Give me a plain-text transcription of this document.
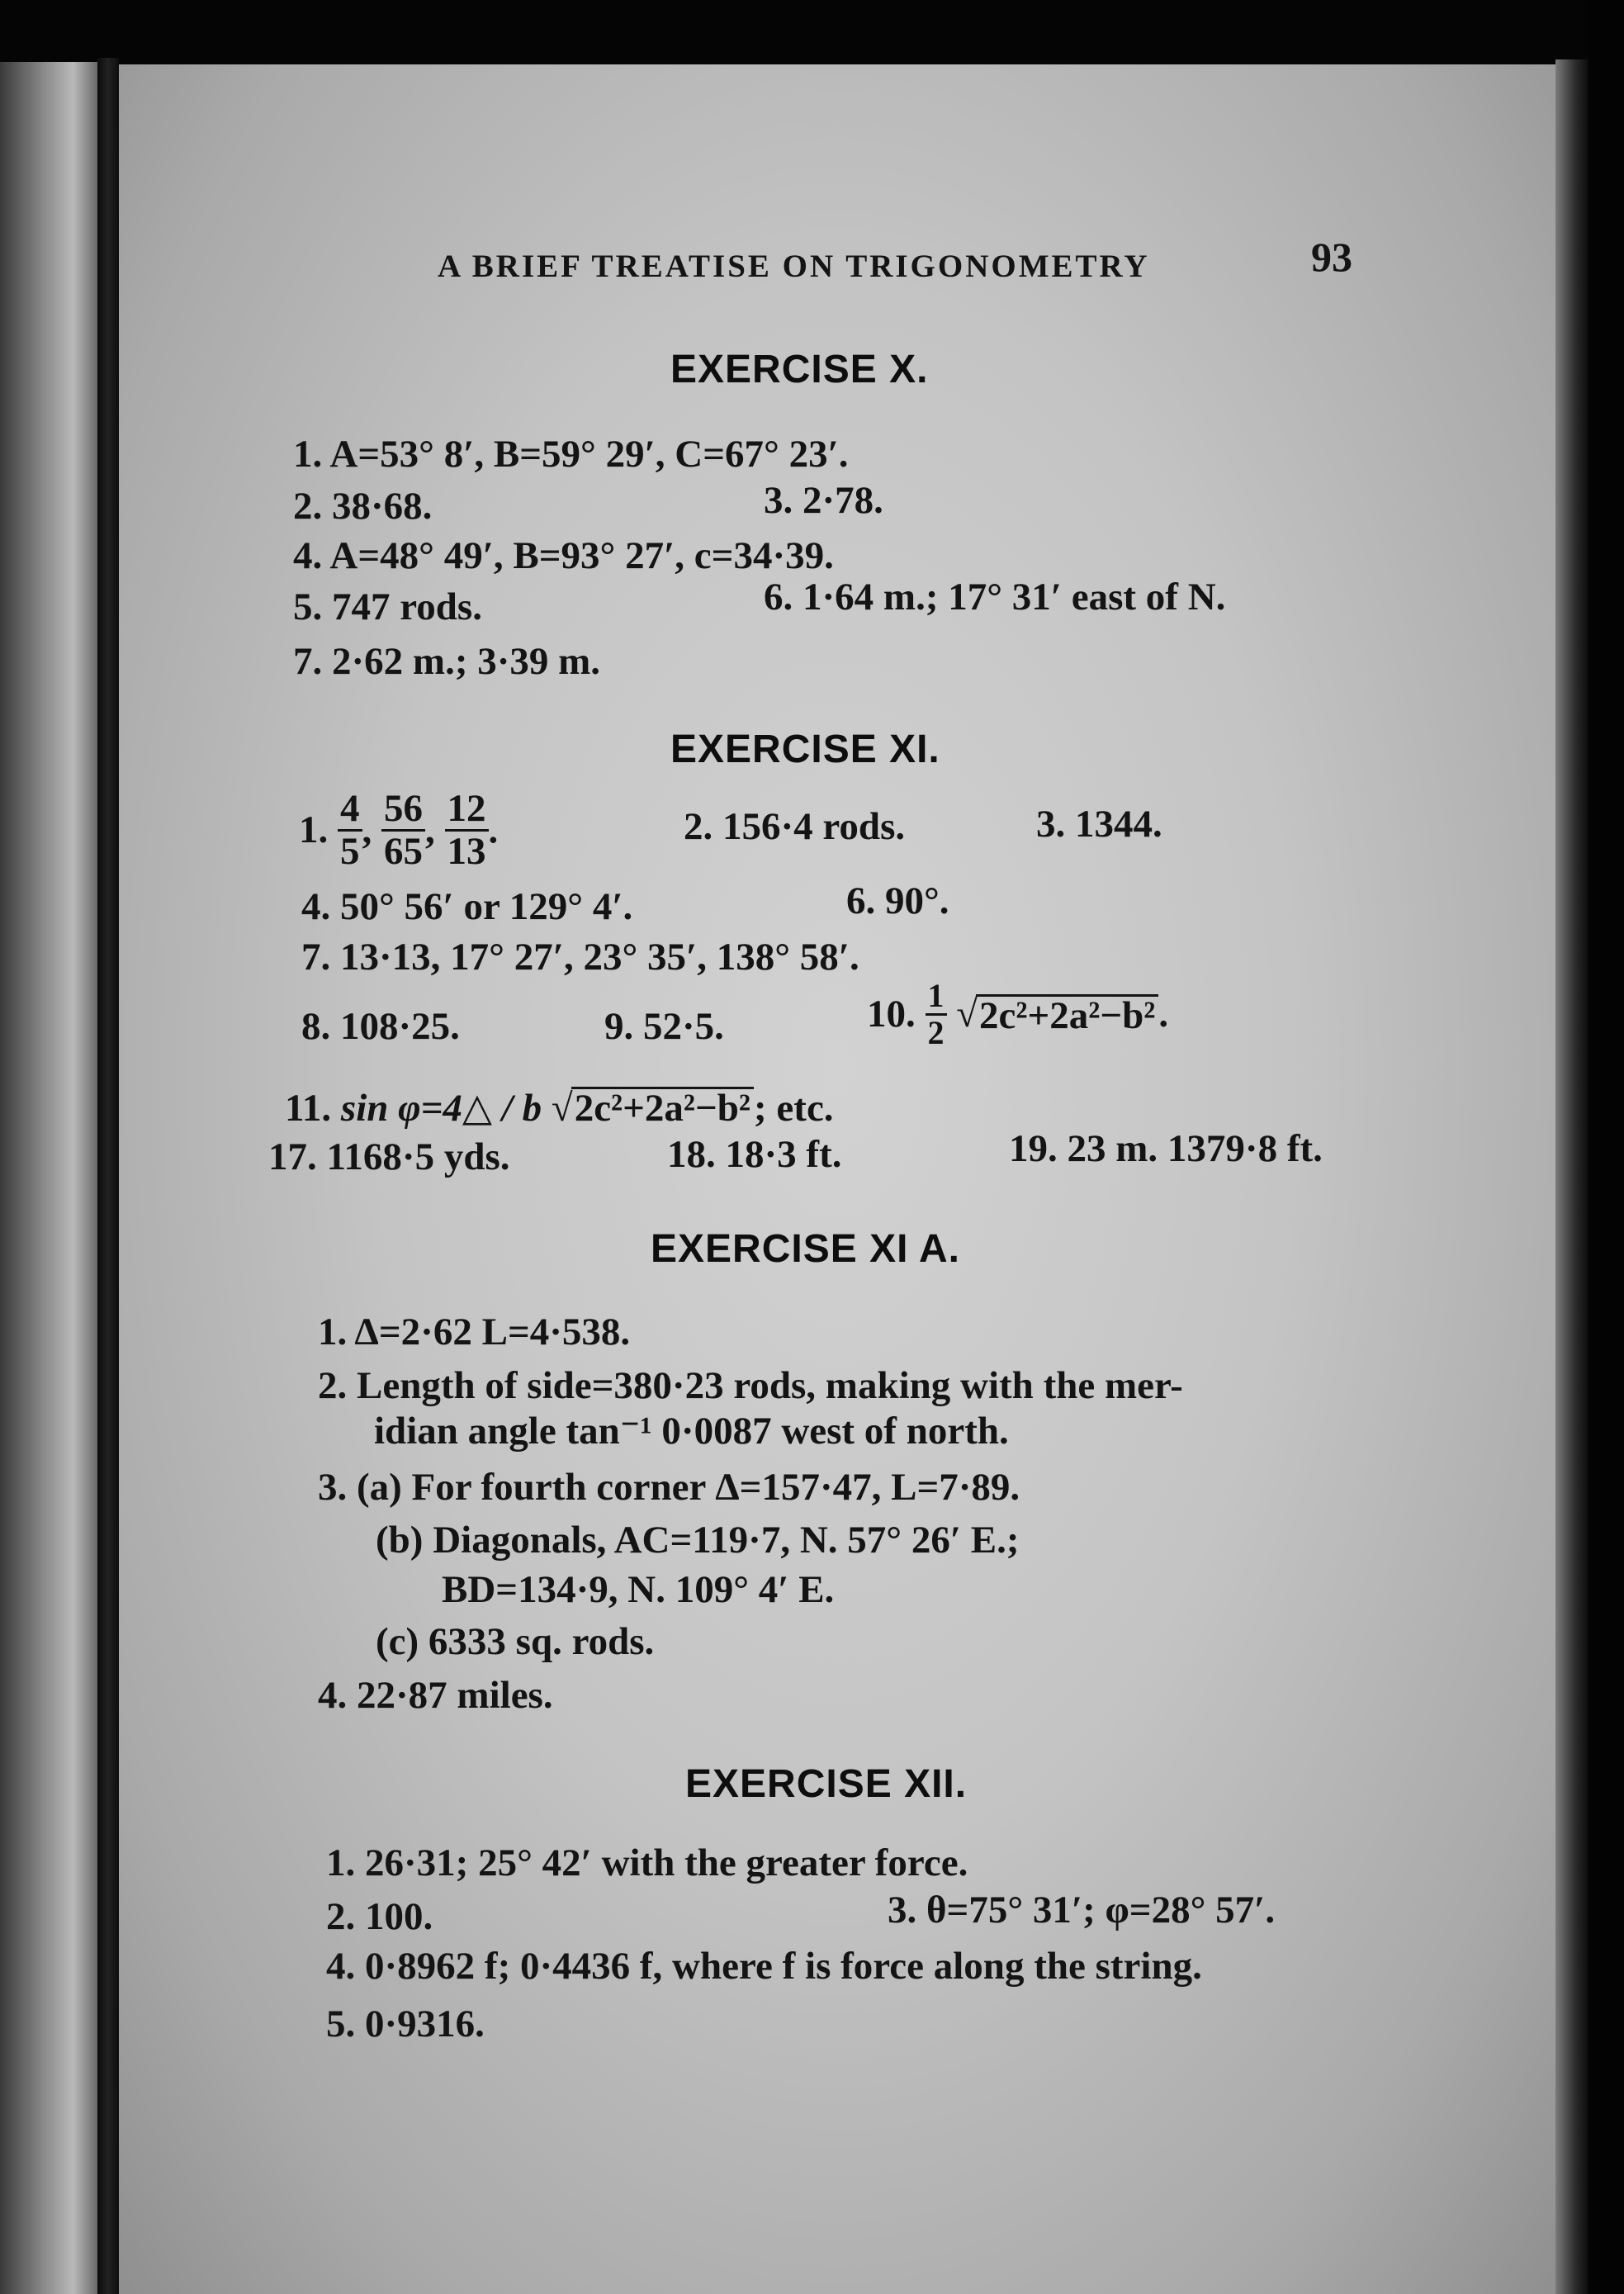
A BRIEF TREATISE ON TRIGONOMETRY	93
EXERCISE X.
1. A=53° 8′, B=59° 29′, C=67° 23′.
2. 38·68.	3. 2·78.
4. A=48° 49′, B=93° 27′, c=34·39.
5. 747 rods.	6. 1·64 m.; 17° 31′ east of N.
7. 2·62 m.; 3·39 m.
EXERCISE XI.
1. $\frac{4}{5}$ , $\frac{56}{65}$ , $\frac{12}{13}$ .	2. 156·4 rods.	3. 1344.
4. 50° 56′ or 129° 4′.	6. 90°.
7. 13·13, 17° 27′, 23° 35′, 138° 58′.
8. 108·25.	9. 52·5.	10. $\frac{1}{2} √2c^2+2a^2-b^2$.
11. sin φ=4△ / b √2c²+2a²−b²; etc.
17. 1168·5 yds.	18. 18·3 ft.	19. 23 m. 1379·8 ft.
EXERCISE XI A.
1. Δ=2·62 L=4·538.
2. Length of side=380·23 rods, making with the mer-
idian angle tan⁻¹ 0·0087 west of north.
3. (a) For fourth corner Δ=157·47, L=7·89.
(b) Diagonals, AC=119·7, N. 57° 26′ E.;
BD=134·9, N. 109° 4′ E.
(c) 6333 sq. rods.
4. 22·87 miles.
EXERCISE XII.
1. 26·31; 25° 42′ with the greater force.
2. 100.	3. θ=75° 31′; φ=28° 57′.
4. 0·8962 f; 0·4436 f, where f is force along the string.
5. 0·9316.
